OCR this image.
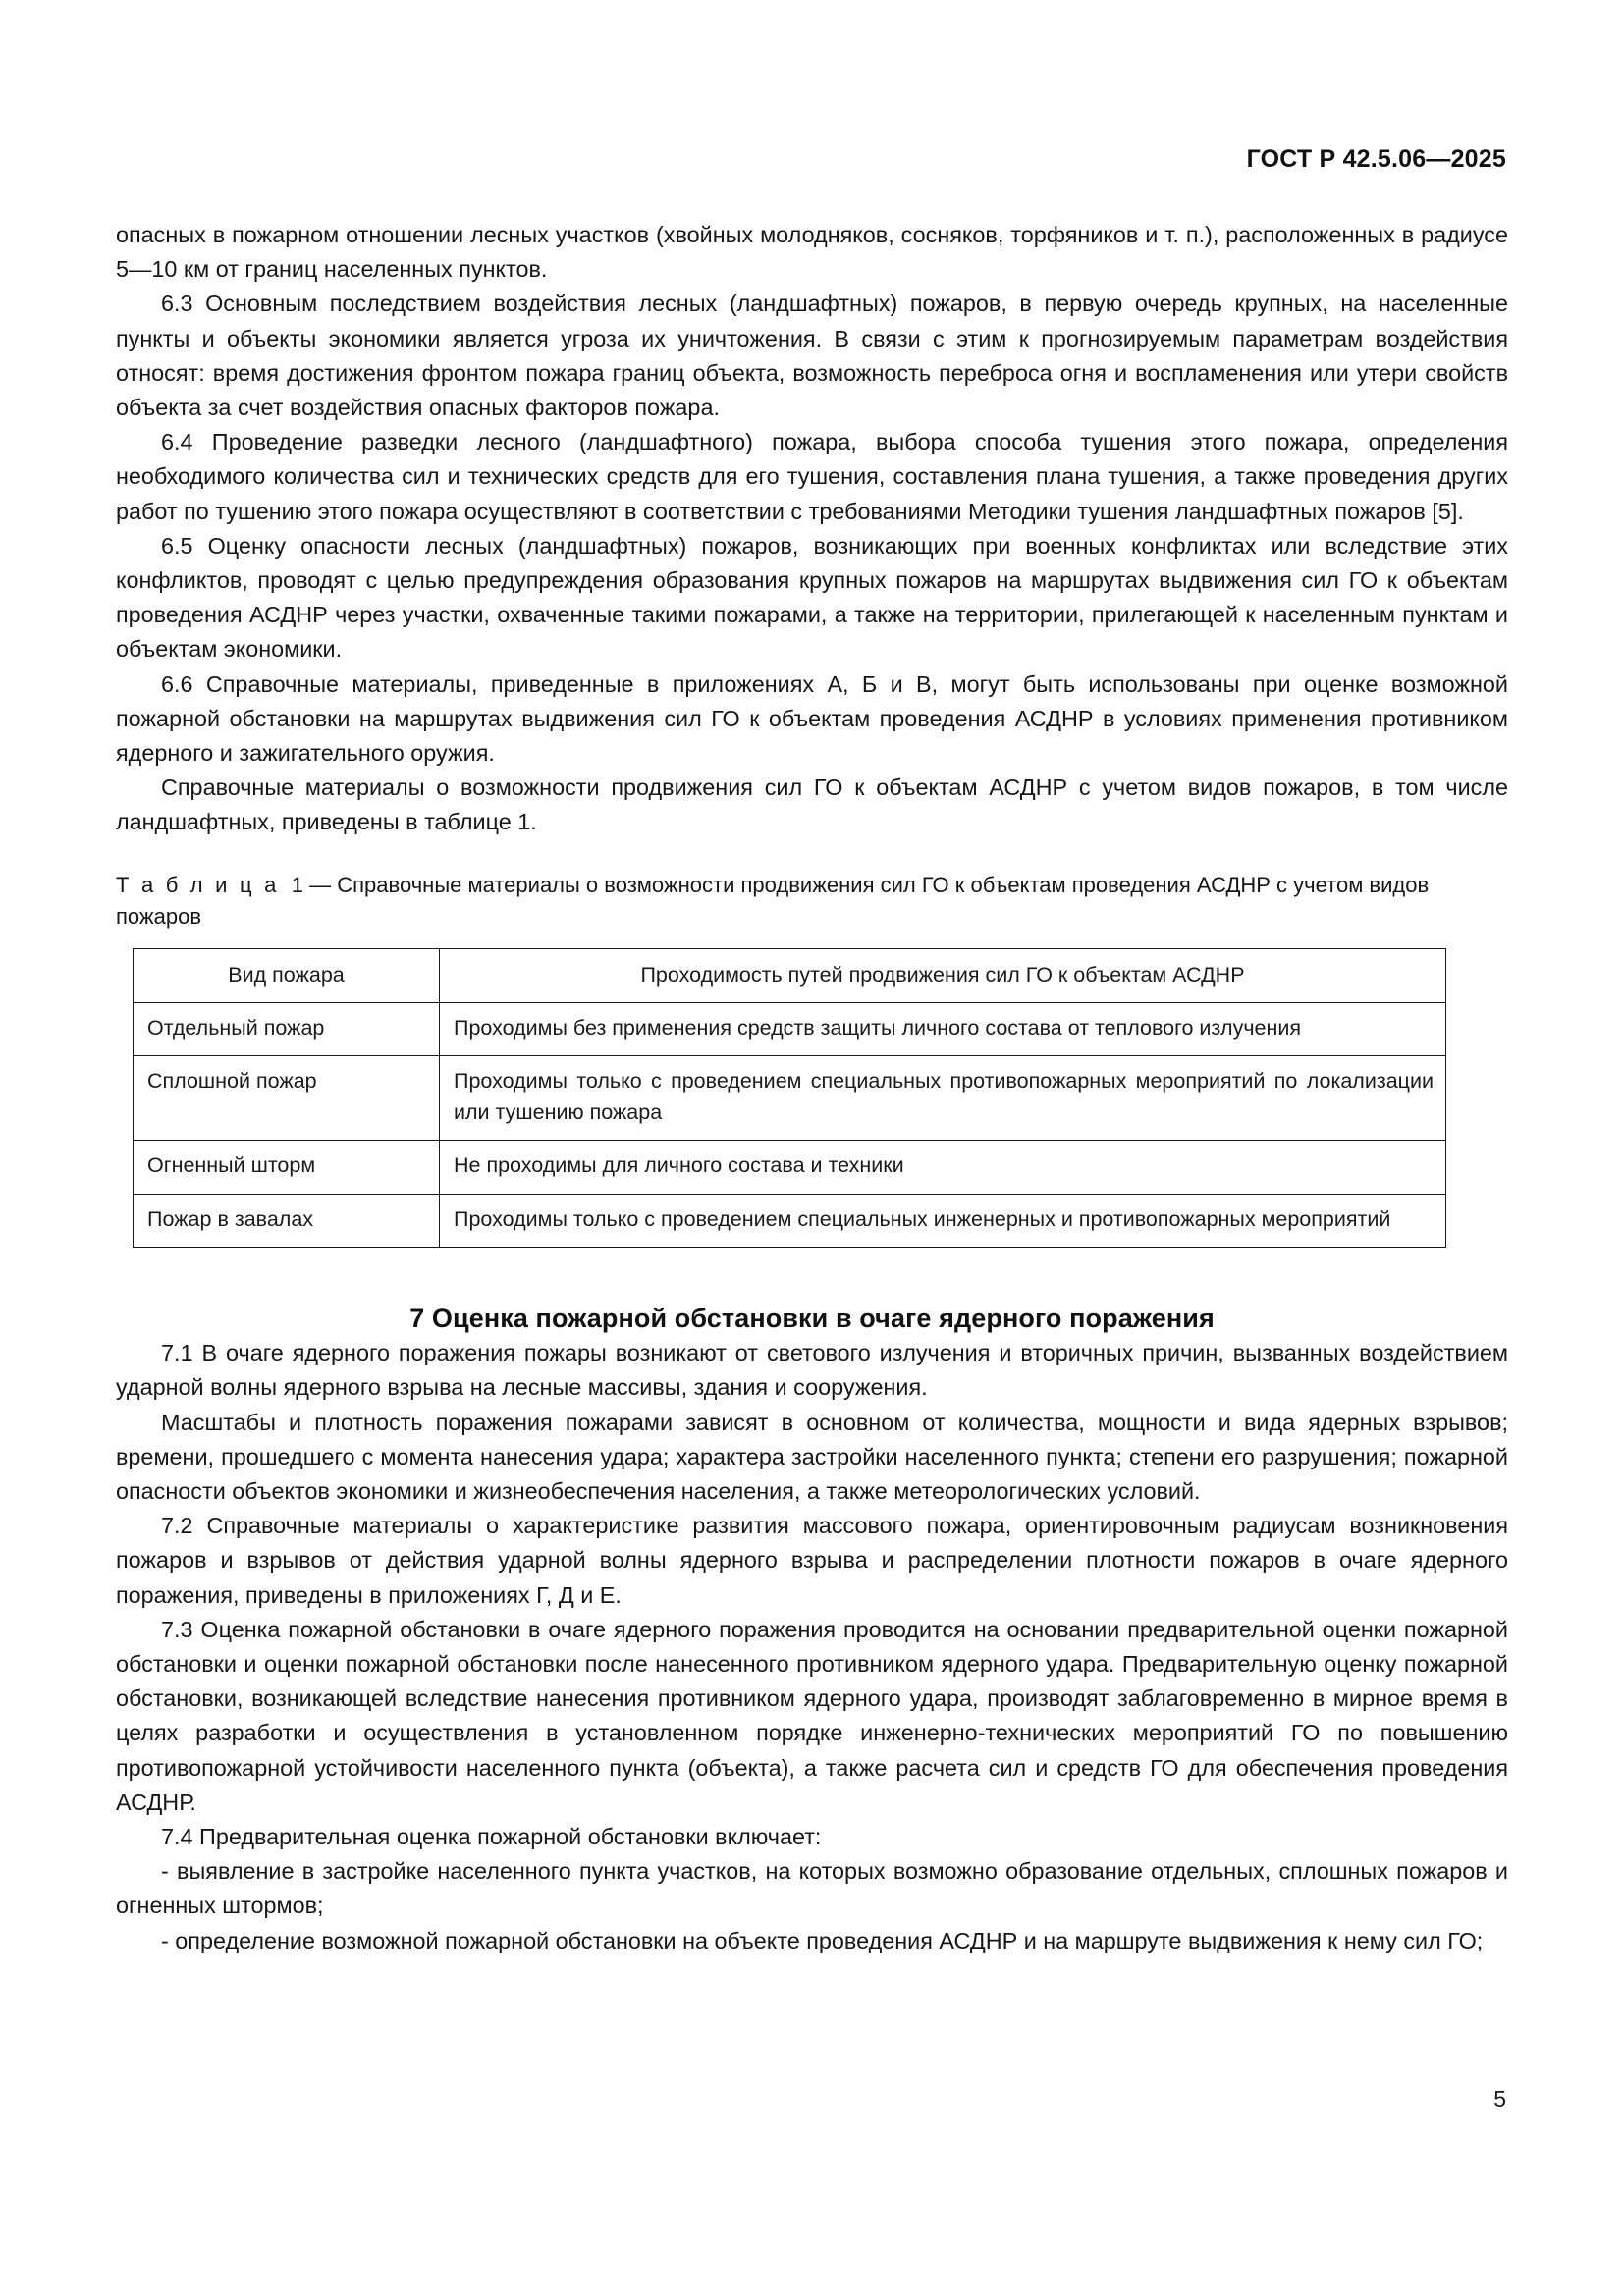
ГОСТ Р 42.5.06—2025

опасных в пожарном отношении лесных участков (хвойных молодняков, сосняков, торфяников и т. п.), расположенных в радиусе 5—10 км от границ населенных пунктов.

6.3 Основным последствием воздействия лесных (ландшафтных) пожаров, в первую очередь крупных, на населенные пункты и объекты экономики является угроза их уничтожения. В связи с этим к прогнозируемым параметрам воздействия относят: время достижения фронтом пожара границ объекта, возможность переброса огня и воспламенения или утери свойств объекта за счет воздействия опасных факторов пожара.

6.4 Проведение разведки лесного (ландшафтного) пожара, выбора способа тушения этого пожара, определения необходимого количества сил и технических средств для его тушения, составления плана тушения, а также проведения других работ по тушению этого пожара осуществляют в соответствии с требованиями Методики тушения ландшафтных пожаров [5].

6.5 Оценку опасности лесных (ландшафтных) пожаров, возникающих при военных конфликтах или вследствие этих конфликтов, проводят с целью предупреждения образования крупных пожаров на маршрутах выдвижения сил ГО к объектам проведения АСДНР через участки, охваченные такими пожарами, а также на территории, прилегающей к населенным пунктам и объектам экономики.

6.6 Справочные материалы, приведенные в приложениях А, Б и В, могут быть использованы при оценке возможной пожарной обстановки на маршрутах выдвижения сил ГО к объектам проведения АСДНР в условиях применения противником ядерного и зажигательного оружия.

Справочные материалы о возможности продвижения сил ГО к объектам АСДНР с учетом видов пожаров, в том числе ландшафтных, приведены в таблице 1.

Т а б л и ц а 1 — Справочные материалы о возможности продвижения сил ГО к объектам проведения АСДНР с учетом видов пожаров
Вид пожара	Проходимость путей продвижения сил ГО к объектам АСДНР
Отдельный пожар	Проходимы без применения средств защиты личного состава от теплового излучения
Сплошной пожар	Проходимы только с проведением специальных противопожарных мероприятий по локализации или тушению пожара
Огненный шторм	Не проходимы для личного состава и техники
Пожар в завалах	Проходимы только с проведением специальных инженерных и противопожарных мероприятий
7 Оценка пожарной обстановки в очаге ядерного поражения

7.1 В очаге ядерного поражения пожары возникают от светового излучения и вторичных причин, вызванных воздействием ударной волны ядерного взрыва на лесные массивы, здания и сооружения.

Масштабы и плотность поражения пожарами зависят в основном от количества, мощности и вида ядерных взрывов; времени, прошедшего с момента нанесения удара; характера застройки населенного пункта; степени его разрушения; пожарной опасности объектов экономики и жизнеобеспечения населения, а также метеорологических условий.

7.2 Справочные материалы о характеристике развития массового пожара, ориентировочным радиусам возникновения пожаров и взрывов от действия ударной волны ядерного взрыва и распределении плотности пожаров в очаге ядерного поражения, приведены в приложениях Г, Д и Е.

7.3 Оценка пожарной обстановки в очаге ядерного поражения проводится на основании предварительной оценки пожарной обстановки и оценки пожарной обстановки после нанесенного противником ядерного удара. Предварительную оценку пожарной обстановки, возникающей вследствие нанесения противником ядерного удара, производят заблаговременно в мирное время в целях разработки и осуществления в установленном порядке инженерно-технических мероприятий ГО по повышению противопожарной устойчивости населенного пункта (объекта), а также расчета сил и средств ГО для обеспечения проведения АСДНР.

7.4 Предварительная оценка пожарной обстановки включает:

- выявление в застройке населенного пункта участков, на которых возможно образование отдельных, сплошных пожаров и огненных штормов;

- определение возможной пожарной обстановки на объекте проведения АСДНР и на маршруте выдвижения к нему сил ГО;

5
